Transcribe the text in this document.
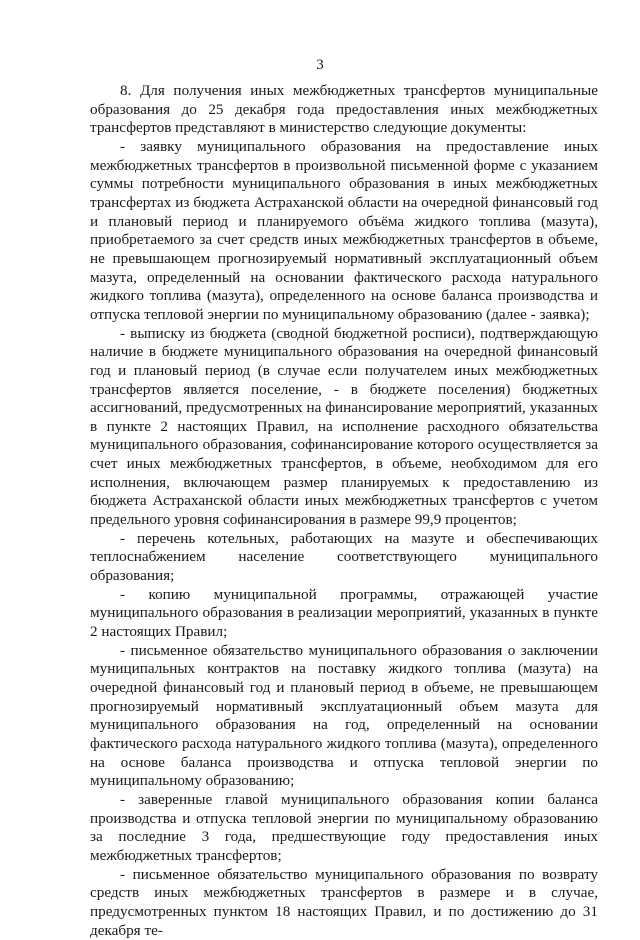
3

8. Для получения иных межбюджетных трансфертов муниципальные образования до 25 декабря года предоставления иных межбюджетных трансфертов представляют в министерство следующие документы:

- заявку муниципального образования на предоставление иных межбюджетных трансфертов в произвольной письменной форме с указанием суммы потребности муниципального образования в иных межбюджетных трансфертах из бюджета Астраханской области на очередной финансовый год и плановый период и планируемого объёма жидкого топлива (мазута), приобретаемого за счет средств иных межбюджетных трансфертов в объеме, не превышающем прогнозируемый нормативный эксплуатационный объем мазута, определенный на основании фактического расхода натурального жидкого топлива (мазута), определенного на основе баланса производства и отпуска тепловой энергии по муниципальному образованию (далее - заявка);

- выписку из бюджета (сводной бюджетной росписи), подтверждающую наличие в бюджете муниципального образования на очередной финансовый год и плановый период (в случае если получателем иных межбюджетных трансфертов является поселение, - в бюджете поселения) бюджетных ассигнований, предусмотренных на финансирование мероприятий, указанных в пункте 2 настоящих Правил, на исполнение расходного обязательства муниципального образования, софинансирование которого осуществляется за счет иных межбюджетных трансфертов, в объеме, необходимом для его исполнения, включающем размер планируемых к предоставлению из бюджета Астраханской области иных межбюджетных трансфертов с учетом предельного уровня софинансирования в размере 99,9 процентов;

- перечень котельных, работающих на мазуте и обеспечивающих теплоснабжением население соответствующего муниципального образования;

- копию муниципальной программы, отражающей участие муниципального образования в реализации мероприятий, указанных в пункте 2 настоящих Правил;

- письменное обязательство муниципального образования о заключении муниципальных контрактов на поставку жидкого топлива (мазута) на очередной финансовый год и плановый период в объеме, не превышающем прогнозируемый нормативный эксплуатационный объем мазута для муниципального образования на год, определенный на основании фактического расхода натурального жидкого топлива (мазута), определенного на основе баланса производства и отпуска тепловой энергии по муниципальному образованию;

- заверенные главой муниципального образования копии баланса производства и отпуска тепловой энергии по муниципальному образованию за последние 3 года, предшествующие году предоставления иных межбюджетных трансфертов;

- письменное обязательство муниципального образования по возврату средств иных межбюджетных трансфертов в размере и в случае, предусмотренных пунктом 18 настоящих Правил, и по достижению до 31 декабря те-
